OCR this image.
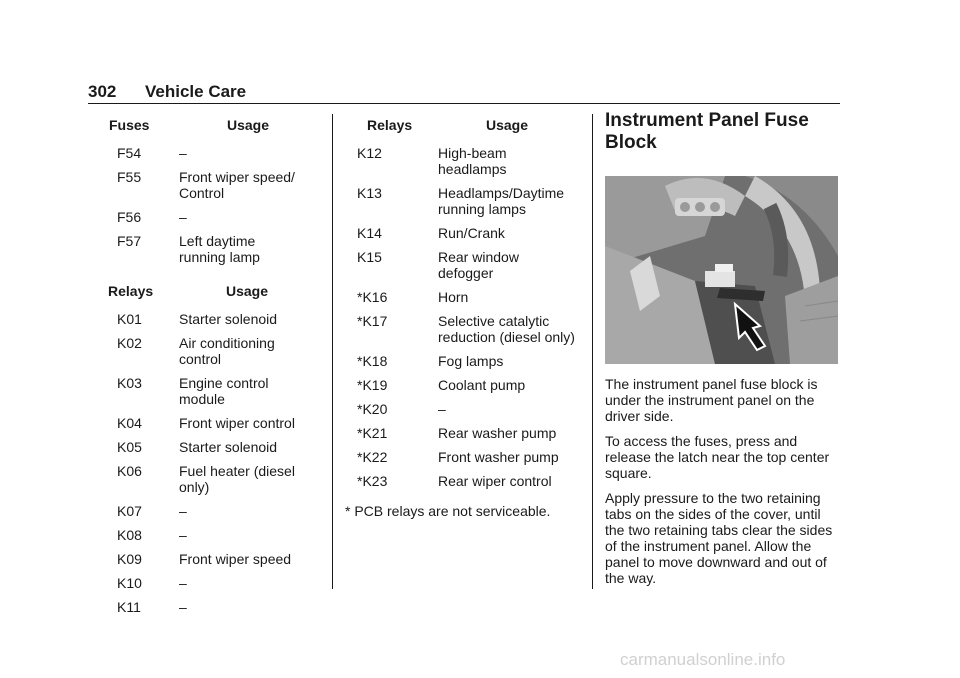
302 Vehicle Care
Fuses	Usage
F54	–
F55	Front wiper speed/ Control
F56	–
F57	Left daytime running lamp
Relays	Usage
K01	Starter solenoid
K02	Air conditioning control
K03	Engine control module
K04	Front wiper control
K05	Starter solenoid
K06	Fuel heater (diesel only)
K07	–
K08	–
K09	Front wiper speed
K10	–
K11	–
Relays	Usage
K12	High-beam headlamps
K13	Headlamps/Daytime running lamps
K14	Run/Crank
K15	Rear window defogger
*K16	Horn
*K17	Selective catalytic reduction (diesel only)
*K18	Fog lamps
*K19	Coolant pump
*K20	–
*K21	Rear washer pump
*K22	Front washer pump
*K23	Rear wiper control
* PCB relays are not serviceable.
Instrument Panel Fuse Block

The instrument panel fuse block is under the instrument panel on the driver side.

To access the fuses, press and release the latch near the top center square.

Apply pressure to the two retaining tabs on the sides of the cover, until the two retaining tabs clear the sides of the instrument panel. Allow the panel to move downward and out of the way.

carmanualsonline.info
